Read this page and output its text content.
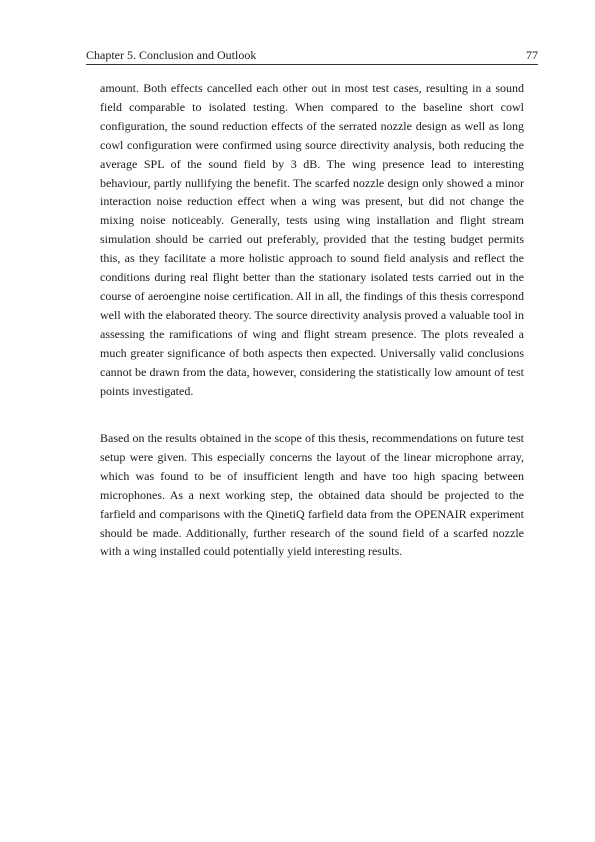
Chapter 5. Conclusion and Outlook	77

amount. Both effects cancelled each other out in most test cases, resulting in a sound field comparable to isolated testing. When compared to the baseline short cowl configuration, the sound reduction effects of the serrated nozzle design as well as long cowl configuration were confirmed using source directivity analysis, both reducing the average SPL of the sound field by 3 dB. The wing presence lead to interesting behaviour, partly nullifying the benefit. The scarfed nozzle design only showed a minor interaction noise reduction effect when a wing was present, but did not change the mixing noise noticeably. Generally, tests using wing installation and flight stream simulation should be carried out preferably, provided that the testing budget permits this, as they facilitate a more holistic approach to sound field analysis and reflect the conditions during real flight better than the stationary isolated tests carried out in the course of aeroengine noise certification. All in all, the findings of this thesis correspond well with the elaborated theory. The source directivity analysis proved a valuable tool in assessing the ramifications of wing and flight stream presence. The plots revealed a much greater significance of both aspects then expected. Universally valid conclusions cannot be drawn from the data, however, considering the statistically low amount of test points investigated.

Based on the results obtained in the scope of this thesis, recommendations on future test setup were given. This especially concerns the layout of the linear microphone array, which was found to be of insufficient length and have too high spacing between microphones. As a next working step, the obtained data should be projected to the farfield and comparisons with the QinetiQ farfield data from the OPENAIR experiment should be made. Additionally, further research of the sound field of a scarfed nozzle with a wing installed could potentially yield interesting results.
